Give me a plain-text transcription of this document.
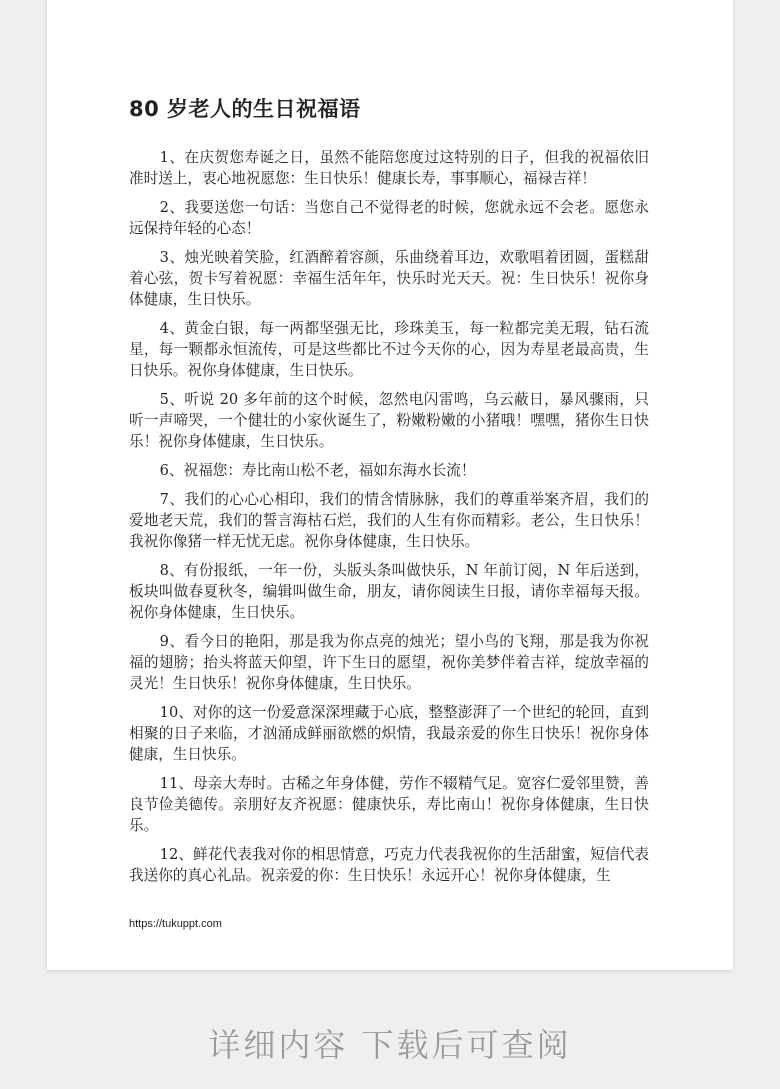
80 岁老人的生日祝福语

1、在庆贺您寿诞之日，虽然不能陪您度过这特别的日子，但我的祝福依旧准时送上，衷心地祝愿您：生日快乐！健康长寿，事事顺心，福禄吉祥！

2、我要送您一句话：当您自己不觉得老的时候，您就永远不会老。愿您永远保持年轻的心态！

3、烛光映着笑脸，红酒醉着容颜，乐曲绕着耳边，欢歌唱着团圆，蛋糕甜着心弦，贺卡写着祝愿：幸福生活年年，快乐时光天天。祝：生日快乐！祝你身体健康，生日快乐。

4、黄金白银，每一两都坚强无比，珍珠美玉，每一粒都完美无瑕，钻石流星，每一颗都永恒流传，可是这些都比不过今天你的心，因为寿星老最高贵，生日快乐。祝你身体健康，生日快乐。

5、听说 20 多年前的这个时候，忽然电闪雷鸣，乌云蔽日，暴风骤雨，只听一声啼哭，一个健壮的小家伙诞生了，粉嫩粉嫩的小猪哦！嘿嘿，猪你生日快乐！祝你身体健康，生日快乐。

6、祝福您：寿比南山松不老，福如东海水长流！

7、我们的心心心相印，我们的情含情脉脉，我们的尊重举案齐眉，我们的爱地老天荒，我们的誓言海枯石烂，我们的人生有你而精彩。老公，生日快乐！我祝你像猪一样无忧无虑。祝你身体健康，生日快乐。

8、有份报纸，一年一份，头版头条叫做快乐，N 年前订阅，N 年后送到，板块叫做春夏秋冬，编辑叫做生命，朋友，请你阅读生日报，请你幸福每天报。祝你身体健康，生日快乐。

9、看今日的艳阳，那是我为你点亮的烛光；望小鸟的飞翔，那是我为你祝福的翅膀；抬头将蓝天仰望，许下生日的愿望，祝你美梦伴着吉祥，绽放幸福的灵光！生日快乐！祝你身体健康，生日快乐。

10、对你的这一份爱意深深埋藏于心底，整整澎湃了一个世纪的轮回，直到相聚的日子来临，才汹涌成鲜丽欲燃的炽情，我最亲爱的你生日快乐！祝你身体健康，生日快乐。

11、母亲大寿时。古稀之年身体健，劳作不辍精气足。宽容仁爱邻里赞，善良节俭美德传。亲朋好友齐祝愿：健康快乐，寿比南山！祝你身体健康，生日快乐。

12、鲜花代表我对你的相思情意，巧克力代表我祝你的生活甜蜜，短信代表我送你的真心礼品。祝亲爱的你：生日快乐！永远开心！祝你身体健康，生

https://tukuppt.com
详细内容 下载后可查阅
